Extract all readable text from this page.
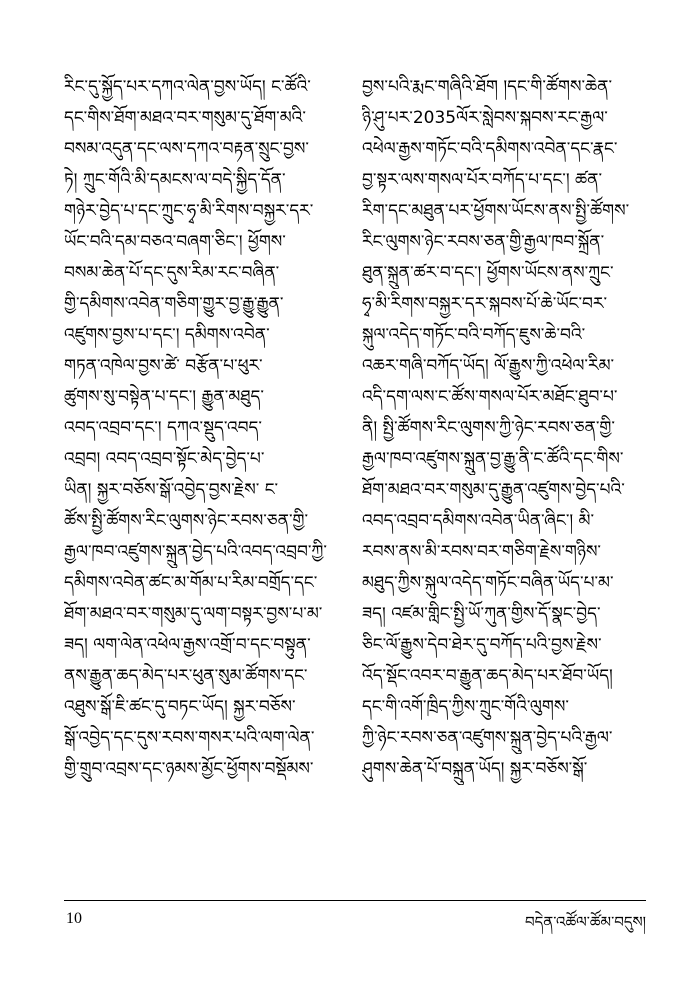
རིང་དུ་སྐྱོད་པར་དཀའ་ལེན་བྱས་ཡོད། ང་ཚོའི་
དང་གིས་ཐོག་མཐའ་བར་གསུམ་དུ་ཐོག་མའི་
བསམ་འདུན་དང་ལས་དཀའ་བརྟན་སྲུང་བྱས་
ཏེ། ཀྲུང་གོའི་མི་དམངས་ལ་བདེ་སྐྱིད་དོན་
གཉེར་བྱེད་པ་དང་ཀྲུང་ཧྭ་མི་རིགས་བསྐྱར་དར་
ཡོང་བའི་དམ་བཅའ་བཞག་ཅིང་། ཕྱོགས་
བསམ་ཆེན་པོ་དང་དུས་རིམ་རང་བཞིན་
གྱི་དམིགས་འབེན་གཅིག་གྱུར་བྱ་རྒྱུ་རྒྱུན་
འཛུགས་བྱས་པ་དང་། དམིགས་འབེན་
གཏན་འཁེལ་བྱས་ཚེ་ བརྩོན་པ་ཕུར་
ཚུགས་སུ་བསྟེན་པ་དང་། རྒྱུན་མཐུད་
འབད་འབྲབ་དང་། དཀའ་སྡུད་འབད་
འབྲབ། འབད་འབྲབ་སྟོང་མེད་བྱེད་པ་
ཡིན། སྐྱར་བཅོས་སྒོ་འབྱེད་བྱས་རྗེས་ ང་
ཚོས་སྤྱི་ཚོགས་རིང་ལུགས་ཉེང་རབས་ཅན་གྱི་
རྒྱལ་ཁབ་འཛུགས་སྐྲུན་བྱེད་པའི་འབད་འབྲབ་ཀྱི་
དམིགས་འབེན་ཚང་མ་གོམ་པ་རིམ་བགྲོད་དང་
ཐོག་མཐའ་བར་གསུམ་དུ་ལག་བསྟར་བྱས་པ་མ་
ཟད། ལག་ལེན་འཕེལ་རྒྱས་འགྲོ་བ་དང་བསྟུན་
ནས་རྒྱུན་ཆད་མེད་པར་ཕུན་སུམ་ཚོགས་དང་
འཐུས་སྒོ་ཇི་ཚང་དུ་བཏང་ཡོད། སྐྱར་བཅོས་
སྒོ་འབྱེད་དང་དུས་རབས་གསར་པའི་ལག་ལེན་
གྱི་གྲུབ་འབྲས་དང་ཉམས་མྱོང་ཕྱོགས་བསྡོམས་
བྱས་པའི་རྨང་གཞིའི་ཐོག །དང་གི་ཚོགས་ཆེན་
ཉི་ཤུ་པར་2035ལོར་སླེབས་སྐབས་རང་རྒྱལ་
འཕེལ་རྒྱས་གཏོང་བའི་དམིགས་འབེན་དང་རྣང་
བྱ་སྟར་ལས་གསལ་པོར་བཀོད་པ་དང་། ཚན་
རིག་དང་མཐུན་པར་ཕྱོགས་ཡོངས་ནས་སྤྱི་ཚོགས་
རིང་ལུགས་ཉེང་རབས་ཅན་གྱི་རྒྱལ་ཁབ་སྐྲོན་
ཐུན་སྐྲུན་ཚར་བ་དང་། ཕྱོགས་ཡོངས་ནས་ཀྲུང་
ཧྭ་མི་རིགས་བསྐྱར་དར་སྐབས་པོ་ཆེ་ཡོང་བར་
སྐུལ་འདེད་གཏོང་བའི་བཀོད་ཇུས་ཆེ་བའི་
འཆར་གཞི་བཀོད་ཡོད། ལོ་རྒྱུས་ཀྱི་འཕེལ་རིམ་
འདི་དག་ལས་ང་ཚོས་གསལ་པོར་མཐོང་ཐུབ་པ་
ནི། སྤྱི་ཚོགས་རིང་ལུགས་ཀྱི་ཉེང་རབས་ཅན་གྱི་
རྒྱལ་ཁབ་འཛུགས་སྐྲུན་བྱ་རྒྱུ་ནི་ང་ཚོའི་དང་གིས་
ཐོག་མཐའ་བར་གསུམ་དུ་རྒྱུན་འཛུགས་བྱེད་པའི་
འབད་འབྲབ་དམིགས་འབེན་ཡིན་ཞིང་། མི་
རབས་ནས་མི་རབས་བར་གཅིག་རྗེས་གཉིས་
མཐུད་ཀྱིས་སྐུལ་འདེད་གཏོང་བཞིན་ཡོད་པ་མ་
ཟད། འཛམ་གླིང་སྤྱི་ཡོ་ཀུན་གྱིས་དོ་སྣང་བྱེད་
ཅིང་ལོ་རྒྱུས་དེབ་ཐེར་དུ་བཀོད་པའི་བྱས་རྗེས་
འོད་སྡོང་འབར་བ་རྒྱུན་ཆད་མེད་པར་ཐོབ་ཡོད།
དང་གི་འགོ་ཁྲིད་ཀྱིས་ཀྲུང་གོའི་ལུགས་
ཀྱི་ཉེང་རབས་ཅན་འཛུགས་སྐྲུན་བྱེད་པའི་རྒྱལ་
ཤུགས་ཆེན་པོ་བསྐྲུན་ཡོད། སྐྱར་བཅོས་སྒོ་
10	བདེན་འཚོལ་ཚོམ་བདུས།
